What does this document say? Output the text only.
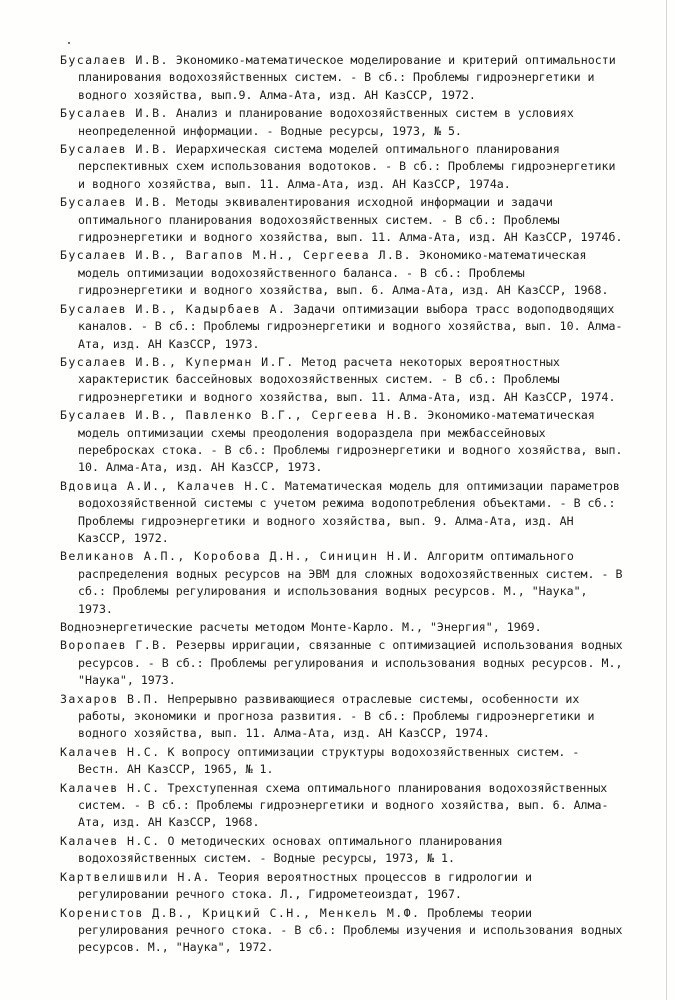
Бусалаев И.В. Экономико-математическое моделирование и критерий оптимальности планирования водохозяйственных систем. - В сб.: Проблемы гидроэнергетики и водного хозяйства, вып.9. Алма-Ата, изд. АН КазССР, 1972.

Бусалаев И.В. Анализ и планирование водохозяйственных систем в условиях неопределенной информации. - Водные ресурсы, 1973, № 5.

Бусалаев И.В. Иерархическая система моделей оптимального планирования перспективных схем использования водотоков. - В сб.: Проблемы гидроэнергетики и водного хозяйства, вып. 11. Алма-Ата, изд. АН КазССР, 1974а.

Бусалаев И.В. Методы эквивалентирования исходной информации и задачи оптимального планирования водохозяйственных систем. - В сб.: Проблемы гидроэнергетики и водного хозяйства, вып. 11. Алма-Ата, изд. АН КазССР, 1974б.

Бусалаев И.В., Вагапов М.Н., Сергеева Л.В. Экономико-математическая модель оптимизации водохозяйственного баланса. - В сб.: Проблемы гидроэнергетики и водного хозяйства, вып. 6. Алма-Ата, изд. АН КазССР, 1968.

Бусалаев И.В., Кадырбаев А. Задачи оптимизации выбора трасс водоподводящих каналов. - В сб.: Проблемы гидроэнергетики и водного хозяйства, вып. 10. Алма-Ата, изд. АН КазССР, 1973.

Бусалаев И.В., Куперман И.Г. Метод расчета некоторых вероятностных характеристик бассейновых водохозяйственных систем. - В сб.: Проблемы гидроэнергетики и водного хозяйства, вып. 11. Алма-Ата, изд. АН КазССР, 1974.

Бусалаев И.В., Павленко В.Г., Сергеева Н.В. Экономико-математическая модель оптимизации схемы преодоления водораздела при межбассейновых перебросках стока. - В сб.: Проблемы гидроэнергетики и водного хозяйства, вып. 10. Алма-Ата, изд. АН КазССР, 1973.

Вдовица А.И., Калачев Н.С. Математическая модель для оптимизации параметров водохозяйственной системы с учетом режима водопотребления объектами. - В сб.: Проблемы гидроэнергетики и водного хозяйства, вып. 9. Алма-Ата, изд. АН КазССР, 1972.

Великанов А.П., Коробова Д.Н., Синицин Н.И. Алгоритм оптимального распределения водных ресурсов на ЭВМ для сложных водохозяйственных систем. - В сб.: Проблемы регулирования и использования водных ресурсов. М., "Наука", 1973.

Водноэнергетические расчеты методом Монте-Карло. М., "Энергия", 1969.

Воропаев Г.В. Резервы ирригации, связанные с оптимизацией использования водных ресурсов. - В сб.: Проблемы регулирования и использования водных ресурсов. М., "Наука", 1973.

Захаров В.П. Непрерывно развивающиеся отраслевые системы, особенности их работы, экономики и прогноза развития. - В сб.: Проблемы гидроэнергетики и водного хозяйства, вып. 11. Алма-Ата, изд. АН КазССР, 1974.

Калачев Н.С. К вопросу оптимизации структуры водохозяйственных систем. - Вестн. АН КазССР, 1965, № 1.

Калачев Н.С. Трехступенная схема оптимального планирования водохозяйственных систем. - В сб.: Проблемы гидроэнергетики и водного хозяйства, вып. 6. Алма-Ата, изд. АН КазССР, 1968.

Калачев Н.С. О методических основах оптимального планирования водохозяйственных систем. - Водные ресурсы, 1973, № 1.

Картвелишвили Н.А. Теория вероятностных процессов в гидрологии и регулировании речного стока. Л., Гидрометеоиздат, 1967.

Коренистов Д.В., Крицкий С.Н., Менкель М.Ф. Проблемы теории регулирования речного стока. - В сб.: Проблемы изучения и использования водных ресурсов. М., "Наука", 1972.
